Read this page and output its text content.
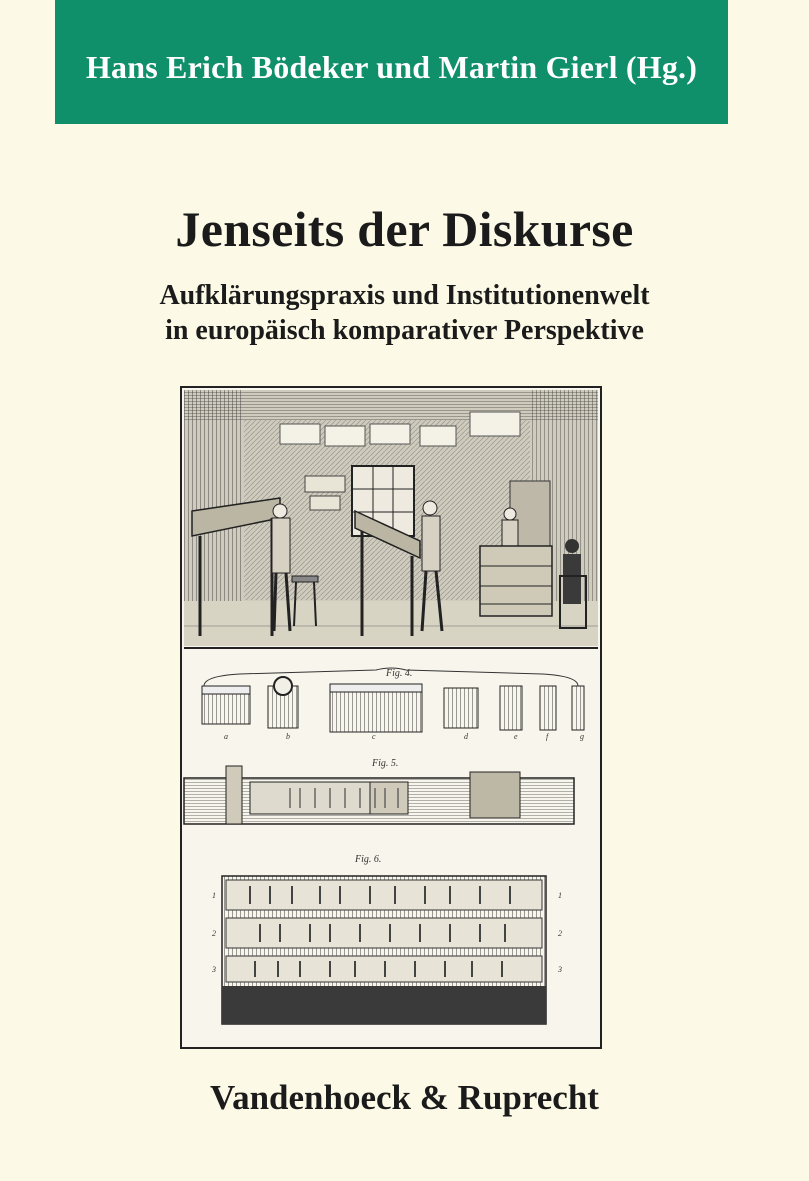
Hans Erich Bödeker und Martin Gierl (Hg.)
Jenseits der Diskurse
Aufklärungspraxis und Institutionenwelt
in europäisch komparativer Perspektive
Fig. 4.
a	b	c	d	e	f	g
Fig. 5.
Fig. 6.
1
2
3
1
2
3
Vandenhoeck & Ruprecht
